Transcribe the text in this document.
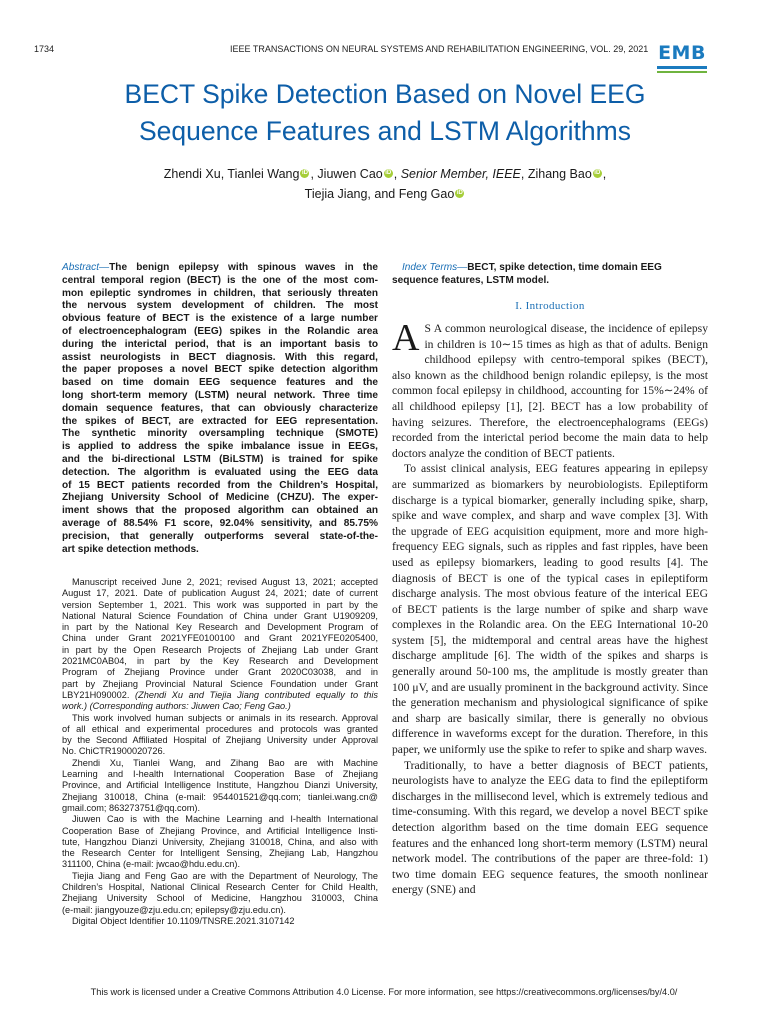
1734	IEEE TRANSACTIONS ON NEURAL SYSTEMS AND REHABILITATION ENGINEERING, VOL. 29, 2021 EMB
BECT Spike Detection Based on Novel EEG
Sequence Features and LSTM Algorithms
Zhendi Xu, Tianlei Wang iD , Jiuwen Cao iD , Senior Member, IEEE, Zihang Bao iD ,
Tiejia Jiang, and Feng Gao iD
Abstract—The benign epilepsy with spinous waves in the
central temporal region (BECT) is the one of the most com-
mon epileptic syndromes in children, that seriously threaten
the nervous system development of children. The most
obvious feature of BECT is the existence of a large number
of electroencephalogram (EEG) spikes in the Rolandic area
during the interictal period, that is an important basis to
assist neurologists in BECT diagnosis. With this regard,
the paper proposes a novel BECT spike detection algorithm
based on time domain EEG sequence features and the
long short-term memory (LSTM) neural network. Three time
domain sequence features, that can obviously characterize
the spikes of BECT, are extracted for EEG representation.
The synthetic minority oversampling technique (SMOTE)
is applied to address the spike imbalance issue in EEGs,
and the bi-directional LSTM (BiLSTM) is trained for spike
detection. The algorithm is evaluated using the EEG data
of 15 BECT patients recorded from the Children’s Hospital,
Zhejiang University School of Medicine (CHZU). The exper-
iment shows that the proposed algorithm can obtained an
average of 88.54% F1 score, 92.04% sensitivity, and 85.75%
precision, that generally outperforms several state-of-the-
art spike detection methods.
Manuscript received June 2, 2021; revised August 13, 2021; accepted
August 17, 2021. Date of publication August 24, 2021; date of current
version September 1, 2021. This work was supported in part by the
National Natural Science Foundation of China under Grant U1909209,
in part by the National Key Research and Development Program of
China under Grant 2021YFE0100100 and Grant 2021YFE0205400,
in part by the Open Research Projects of Zhejiang Lab under Grant
2021MC0AB04, in part by the Key Research and Development
Program of Zhejiang Province under Grant 2020C03038, and in
part by Zhejiang Provincial Natural Science Foundation under Grant
LBY21H090002. (Zhendi Xu and Tiejia Jiang contributed equally to this
work.) (Corresponding authors: Jiuwen Cao; Feng Gao.)
This work involved human subjects or animals in its research. Approval
of all ethical and experimental procedures and protocols was granted
by the Second Affiliated Hospital of Zhejiang University under Approval
No. ChiCTR1900020726.
Zhendi Xu, Tianlei Wang, and Zihang Bao are with Machine
Learning and I-health International Cooperation Base of Zhejiang
Province, and Artificial Intelligence Institute, Hangzhou Dianzi University,
Zhejiang 310018, China (e-mail: 954401521@qq.com; tianlei.wang.cn@
gmail.com; 863273751@qq.com).
Jiuwen Cao is with the Machine Learning and I-health International
Cooperation Base of Zhejiang Province, and Artificial Intelligence Insti-
tute, Hangzhou Dianzi University, Zhejiang 310018, China, and also with
the Research Center for Intelligent Sensing, Zhejiang Lab, Hangzhou
311100, China (e-mail: jwcao@hdu.edu.cn).
Tiejia Jiang and Feng Gao are with the Department of Neurology, The
Children’s Hospital, National Clinical Research Center for Child Health,
Zhejiang University School of Medicine, Hangzhou 310003, China
(e-mail: jiangyouze@zju.edu.cn; epilepsy@zju.edu.cn).
Digital Object Identifier 10.1109/TNSRE.2021.3107142
Index Terms—BECT, spike detection, time domain EEG sequence features, LSTM model.
I. Introduction

A S A common neurological disease, the incidence of epilepsy in children is 10∼15 times as high as that of adults. Benign childhood epilepsy with centro-temporal spikes (BECT), also known as the childhood benign rolandic epilepsy, is the most common focal epilepsy in childhood, accounting for 15%∼24% of all childhood epilepsy [1], [2]. BECT has a low probability of having seizures. Therefore, the electroencephalograms (EEGs) recorded from the interictal period become the main data to help doctors analyze the condition of BECT patients.

To assist clinical analysis, EEG features appearing in epilepsy are summarized as biomarkers by neurobiologists. Epileptiform discharge is a typical biomarker, generally including spike, sharp, spike and wave complex, and sharp and wave complex [3]. With the upgrade of EEG acquisition equipment, more and more high-frequency EEG signals, such as ripples and fast ripples, have been used as epilepsy biomarkers, leading to good results [4]. The diagnosis of BECT is one of the typical cases in epileptiform discharge analysis. The most obvious feature of the interical EEG of BECT patients is the large number of spike and sharp wave complexes in the Rolandic area. On the EEG International 10-20 system [5], the midtemporal and central areas have the highest discharge amplitude [6]. The width of the spikes and sharps is generally around 50-100 ms, the amplitude is mostly greater than 100 μV, and are usually prominent in the background activity. Since the generation mechanism and physiological significance of spike and sharp are basically similar, there is generally no obvious difference in waveforms except for the duration. Therefore, in this paper, we uniformly use the spike to refer to spike and sharp waves.

Traditionally, to have a better diagnosis of BECT patients, neurologists have to analyze the EEG data to find the epileptiform discharges in the millisecond level, which is extremely tedious and time-consuming. With this regard, we develop a novel BECT spike detection algorithm based on the time domain EEG sequence features and the enhanced long short-term memory (LSTM) neural network model. The contributions of the paper are three-fold: 1) two time domain EEG sequence features, the smooth nonlinear energy (SNE) and

This work is licensed under a Creative Commons Attribution 4.0 License. For more information, see https://creativecommons.org/licenses/by/4.0/
